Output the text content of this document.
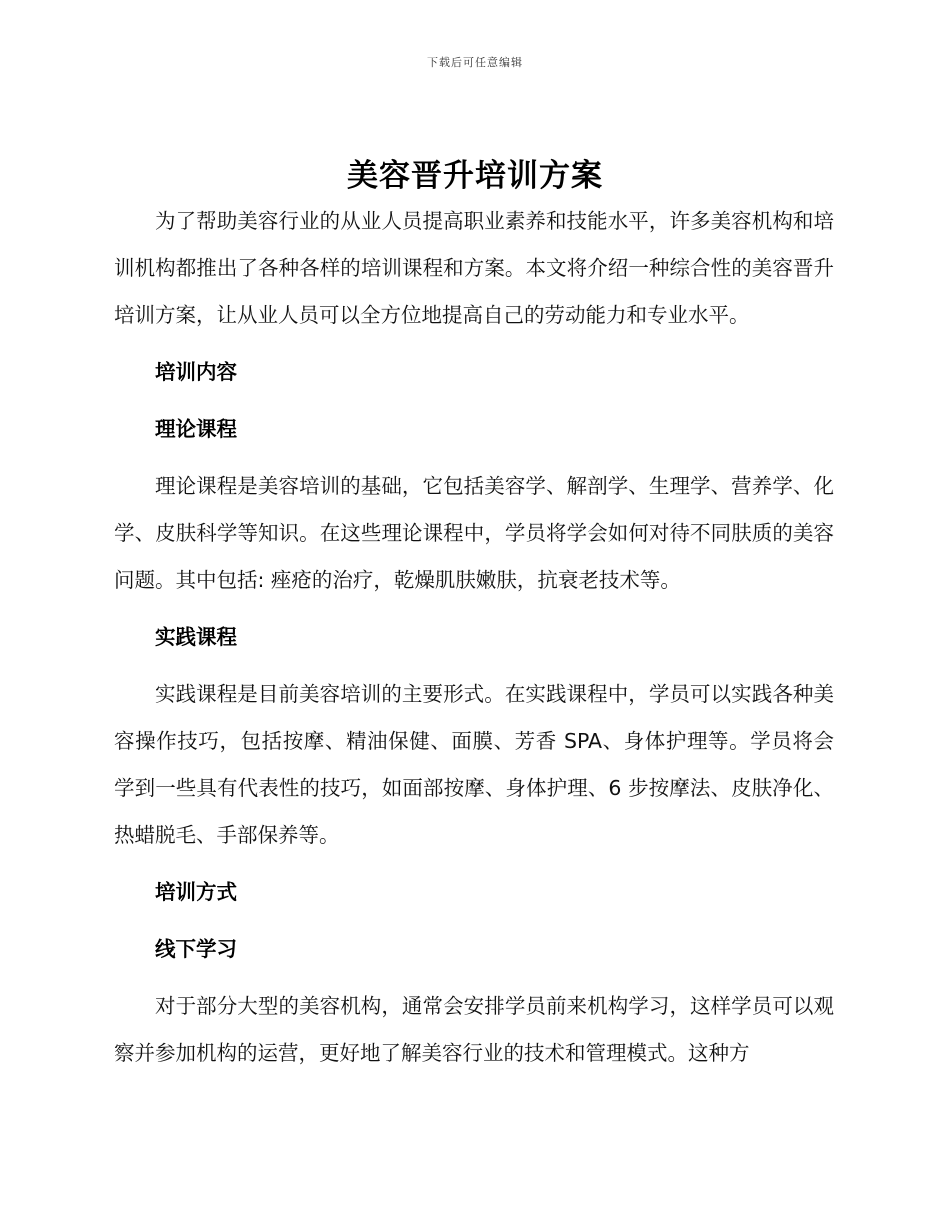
下载后可任意编辑
美容晋升培训方案

为了帮助美容行业的从业人员提高职业素养和技能水平，许多美容机构和培训机构都推出了各种各样的培训课程和方案。本文将介绍一种综合性的美容晋升培训方案，让从业人员可以全方位地提高自己的劳动能力和专业水平。

培训内容
理论课程

理论课程是美容培训的基础，它包括美容学、解剖学、生理学、营养学、化学、皮肤科学等知识。在这些理论课程中，学员将学会如何对待不同肤质的美容问题。其中包括: 痤疮的治疗，乾燥肌肤嫩肤，抗衰老技术等。

实践课程

实践课程是目前美容培训的主要形式。在实践课程中，学员可以实践各种美容操作技巧，包括按摩、精油保健、面膜、芳香 SPA、身体护理等。学员将会学到一些具有代表性的技巧，如面部按摩、身体护理、6 步按摩法、皮肤净化、热蜡脱毛、手部保养等。

培训方式
线下学习

对于部分大型的美容机构，通常会安排学员前来机构学习，这样学员可以观察并参加机构的运营，更好地了解美容行业的技术和管理模式。这种方
